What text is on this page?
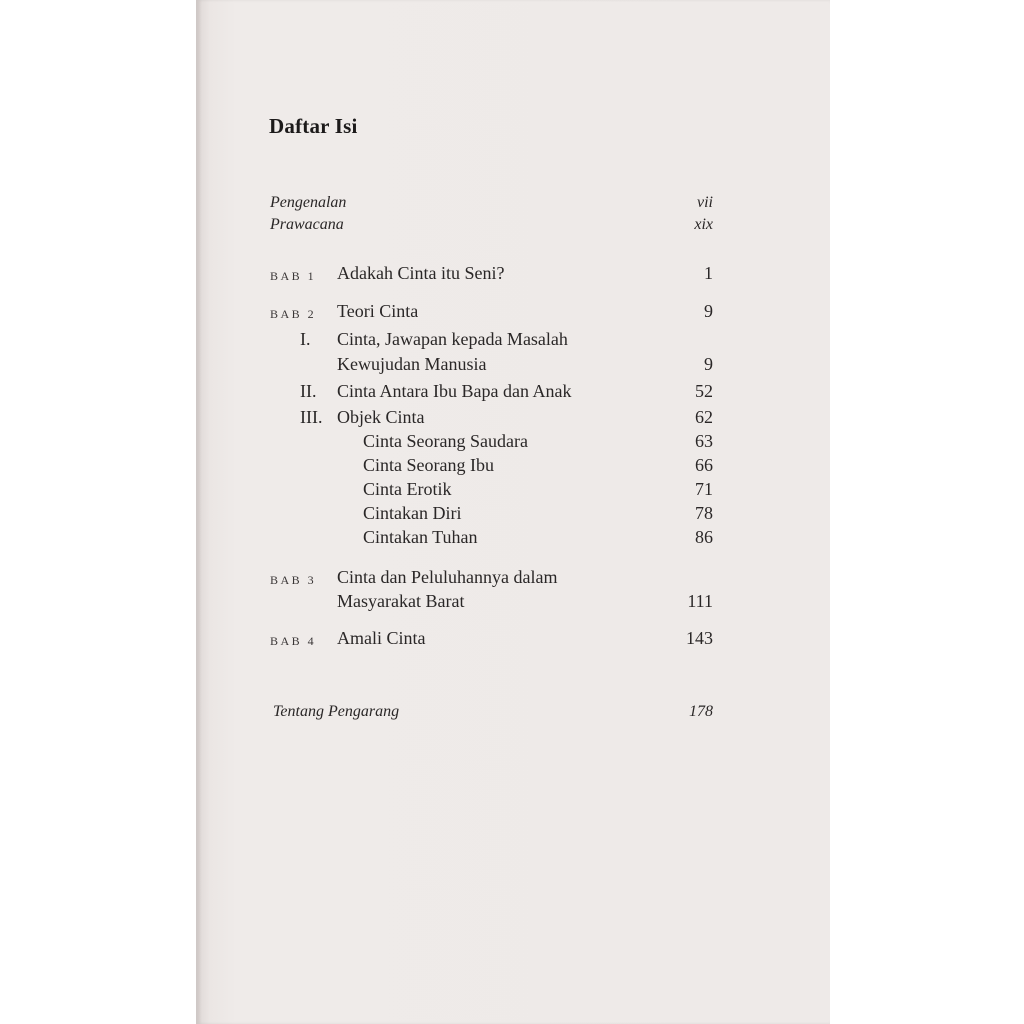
Daftar Isi
Pengenalan	vii
Prawacana	xix
BAB 1 Adakah Cinta itu Seni?	1
BAB 2 Teori Cinta	9
I. Cinta, Jawapan kepada Masalah
Kewujudan Manusia	9
II. Cinta Antara Ibu Bapa dan Anak	52
III. Objek Cinta	62
Cinta Seorang Saudara	63
Cinta Seorang Ibu	66
Cinta Erotik	71
Cintakan Diri	78
Cintakan Tuhan	86
BAB 3 Cinta dan Peluluhannya dalam
Masyarakat Barat	111
BAB 4 Amali Cinta	143
Tentang Pengarang	178
